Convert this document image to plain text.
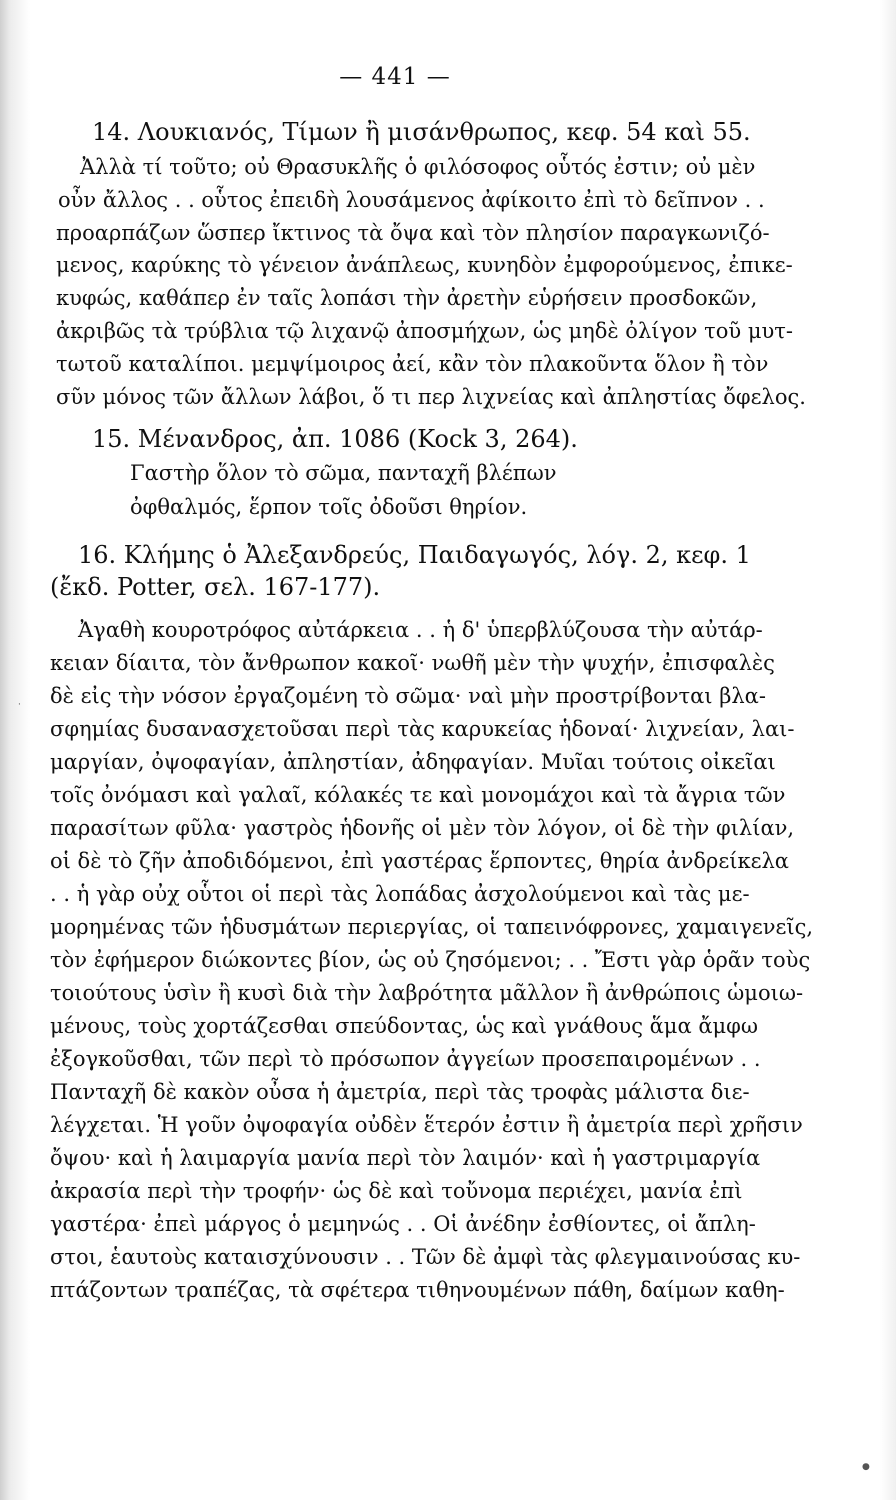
— 441 —
14. Λουκιανός, Τίμων ἢ μισάνθρωπος, κεφ. 54 καὶ 55.
Ἀλλὰ τί τοῦτο; οὐ Θρασυκλῆς ὁ φιλόσοφος οὗτός ἐστιν; οὐ μὲν
οὖν ἄλλος . . οὗτος ἐπειδὴ λουσάμενος ἀφίκοιτο ἐπὶ τὸ δεῖπνον . .
προαρπάζων ὥσπερ ἴκτινος τὰ ὄψα καὶ τὸν πλησίον παραγκωνιζό-
μενος, καρύκης τὸ γένειον ἀνάπλεως, κυνηδὸν ἐμφορούμενος, ἐπικε-
κυφώς, καθάπερ ἐν ταῖς λοπάσι τὴν ἀρετὴν εὑρήσειν προσδοκῶν,
ἀκριβῶς τὰ τρύβλια τῷ λιχανῷ ἀποσμήχων, ὡς μηδὲ ὀλίγον τοῦ μυτ-
τωτοῦ καταλίποι. μεμψίμοιρος ἀεί, κἂν τὸν πλακοῦντα ὅλον ἢ τὸν
σῦν μόνος τῶν ἄλλων λάβοι, ὅ τι περ λιχνείας καὶ ἀπληστίας ὄφελος.
15. Μένανδρος, ἀπ. 1086 (Kock 3, 264).
Γαστὴρ ὅλον τὸ σῶμα, πανταχῆ βλέπων
ὀφθαλμός, ἕρπον τοῖς ὀδοῦσι θηρίον.
16. Κλήμης ὁ Ἀλεξανδρεύς, Παιδαγωγός, λόγ. 2, κεφ. 1
(ἔκδ. Potter, σελ. 167-177).
Ἀγαθὴ κουροτρόφος αὐτάρκεια . . ἡ δ' ὑπερβλύζουσα τὴν αὐτάρ-
κειαν δίαιτα, τὸν ἄνθρωπον κακοῖ· νωθῆ μὲν τὴν ψυχήν, ἐπισφαλὲς
δὲ εἰς τὴν νόσον ἐργαζομένη τὸ σῶμα· ναὶ μὴν προστρίβονται βλα-
σφημίας δυσανασχετοῦσαι περὶ τὰς καρυκείας ἡδοναί· λιχνείαν, λαι-
μαργίαν, ὀψοφαγίαν, ἀπληστίαν, ἀδηφαγίαν. Μυῖαι τούτοις οἰκεῖαι
τοῖς ὀνόμασι καὶ γαλαῖ, κόλακές τε καὶ μονομάχοι καὶ τὰ ἄγρια τῶν
παρασίτων φῦλα· γαστρὸς ἡδονῆς οἱ μὲν τὸν λόγον, οἱ δὲ τὴν φιλίαν,
οἱ δὲ τὸ ζῆν ἀποδιδόμενοι, ἐπὶ γαστέρας ἕρποντες, θηρία ἀνδρείκελα
. . ἡ γὰρ οὐχ οὗτοι οἱ περὶ τὰς λοπάδας ἀσχολούμενοι καὶ τὰς με-
μορημένας τῶν ἡδυσμάτων περιεργίας, οἱ ταπεινόφρονες, χαμαιγενεῖς,
τὸν ἐφήμερον διώκοντες βίον, ὡς οὐ ζησόμενοι; . . Ἔστι γὰρ ὁρᾶν τοὺς
τοιούτους ὑσὶν ἢ κυσὶ διὰ τὴν λαβρότητα μᾶλλον ἢ ἀνθρώποις ὡμοιω-
μένους, τοὺς χορτάζεσθαι σπεύδοντας, ὡς καὶ γνάθους ἅμα ἄμφω
ἐξογκοῦσθαι, τῶν περὶ τὸ πρόσωπον ἀγγείων προσεπαιρομένων . .
Πανταχῆ δὲ κακὸν οὖσα ἡ ἀμετρία, περὶ τὰς τροφὰς μάλιστα διε-
λέγχεται. Ἡ γοῦν ὀψοφαγία οὐδὲν ἕτερόν ἐστιν ἢ ἀμετρία περὶ χρῆσιν
ὄψου· καὶ ἡ λαιμαργία μανία περὶ τὸν λαιμόν· καὶ ἡ γαστριμαργία
ἀκρασία περὶ τὴν τροφήν· ὡς δὲ καὶ τοὔνομα περιέχει, μανία ἐπὶ
γαστέρα· ἐπεὶ μάργος ὁ μεμηνώς . . Οἱ ἀνέδην ἐσθίοντες, οἱ ἄπλη-
στοι, ἑαυτοὺς καταισχύνουσιν . . Τῶν δὲ ἀμφὶ τὰς φλεγμαινούσας κυ-
πτάζοντων τραπέζας, τὰ σφέτερα τιθηνουμένων πάθη, δαίμων καθη-
●
·
